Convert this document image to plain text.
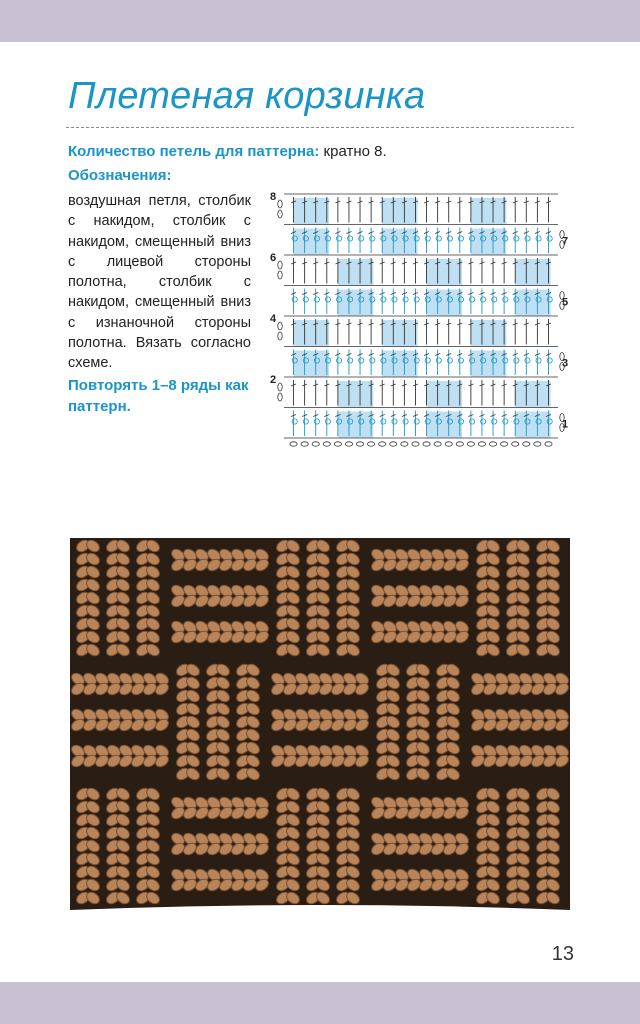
Плетеная корзинка
Количество петель для паттерна: кратно 8.
Обозначения:
воздушная петля, столбик с накидом, столбик с накидом, смещенный вниз с лицевой стороны полотна, столбик с накидом, смещенный вниз с изнаночной стороны полотна. Вязать согласно схеме.
Повторять 1–8 ряды как паттерн.
8
6
4
2
7
5
3
1
13
